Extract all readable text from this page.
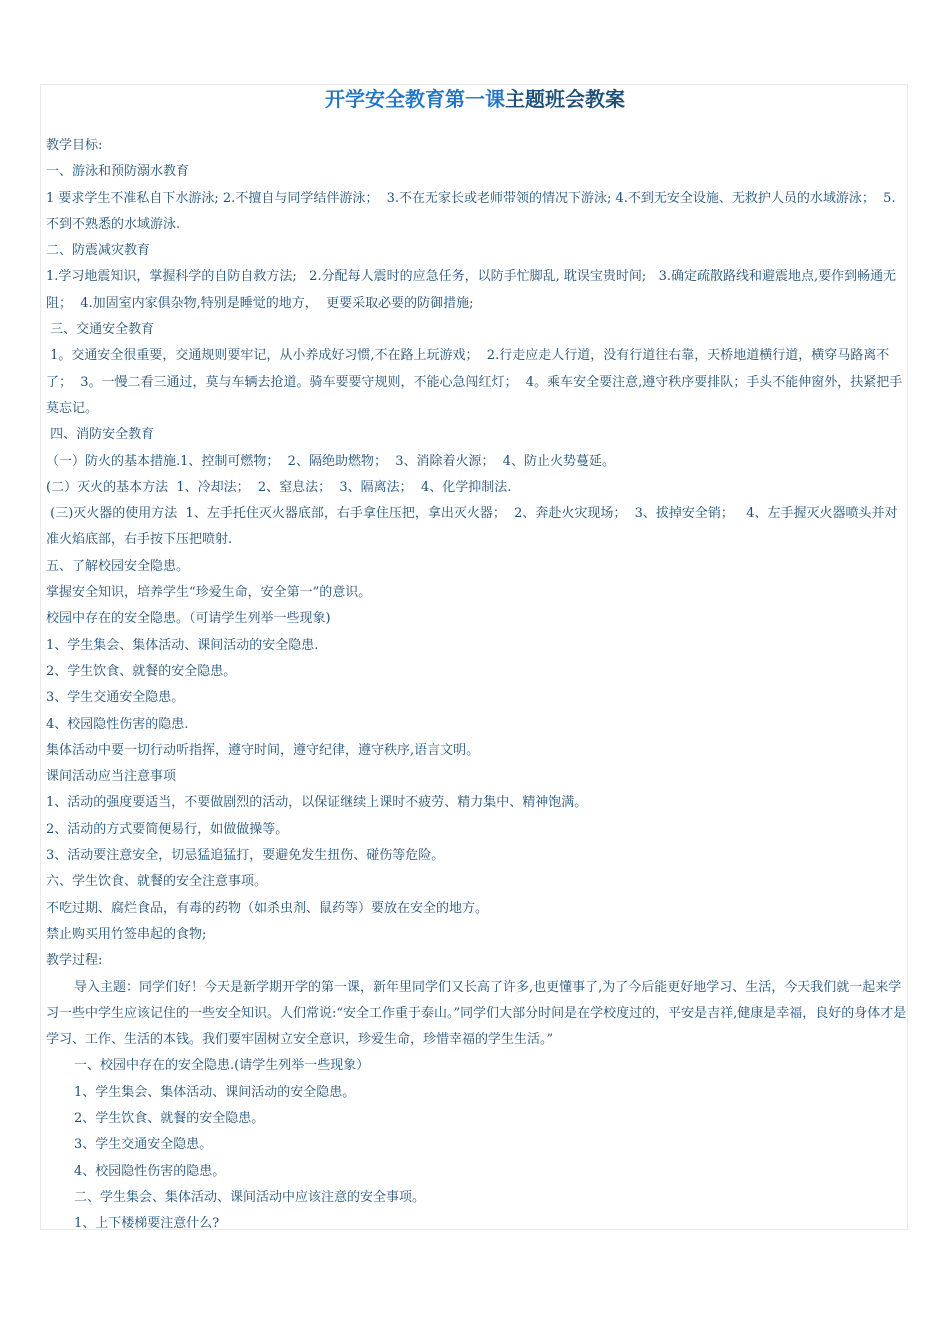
开学安全教育第一课主题班会教案

教学目标:

一、游泳和预防溺水教育

1 要求学生不准私自下水游泳; 2.不擅自与同学结伴游泳；  3.不在无家长或老师带领的情况下游泳; 4.不到无安全设施、无救护人员的水域游泳；  5.不到不熟悉的水域游泳.

二、防震减灾教育

1.学习地震知识，掌握科学的自防自救方法;   2.分配每人震时的应急任务，以防手忙脚乱, 耽误宝贵时间;   3.确定疏散路线和避震地点,要作到畅通无阻；  4.加固室内家俱杂物,特别是睡觉的地方，  更要采取必要的防御措施;

三、交通安全教育

1。交通安全很重要，交通规则要牢记，从小养成好习惯,不在路上玩游戏；  2.行走应走人行道，没有行道往右靠，天桥地道横行道，横穿马路离不了；  3。一慢二看三通过，莫与车辆去抢道。骑车要要守规则，不能心急闯红灯；  4。乘车安全要注意,遵守秩序要排队；手头不能伸窗外，扶紧把手莫忘记。

四、消防安全教育

（一）防火的基本措施.1、控制可燃物；  2、隔绝助燃物；  3、消除着火源；  4、防止火势蔓延。

(二）灭火的基本方法  1、冷却法；  2、窒息法；  3、隔离法；  4、化学抑制法.

(三)灭火器的使用方法  1、左手托住灭火器底部，右手拿住压把，拿出灭火器；  2、奔赴火灾现场；  3、拔掉安全销；   4、左手握灭火器喷头并对准火焰底部，右手按下压把喷射.

五、了解校园安全隐患。

掌握安全知识，培养学生“珍爱生命，安全第一”的意识。

校园中存在的安全隐患。（可请学生列举一些现象)

1、学生集会、集体活动、课间活动的安全隐患.

2、学生饮食、就餐的安全隐患。

3、学生交通安全隐患。

4、校园隐性伤害的隐患.

集体活动中要一切行动听指挥，遵守时间，遵守纪律，遵守秩序,语言文明。

课间活动应当注意事项

1、活动的强度要适当，不要做剧烈的活动，以保证继续上课时不疲劳、精力集中、精神饱满。

2、活动的方式要简便易行，如做做操等。

3、活动要注意安全，切忌猛追猛打，要避免发生扭伤、碰伤等危险。

六、学生饮食、就餐的安全注意事项。

不吃过期、腐烂食品，有毒的药物（如杀虫剂、鼠药等）要放在安全的地方。

禁止购买用竹签串起的食物;

教学过程:

导入主题：同学们好！今天是新学期开学的第一课，新年里同学们又长高了许多,也更懂事了,为了今后能更好地学习、生活，今天我们就一起来学习一些中学生应该记住的一些安全知识。人们常说:“安全工作重于泰山。”同学们大部分时间是在学校度过的，平安是吉祥,健康是幸福，良好的身体才是学习、工作、生活的本钱。我们要牢固树立安全意识，珍爱生命，珍惜幸福的学生生活。”

一、校园中存在的安全隐患.(请学生列举一些现象）

1、学生集会、集体活动、课间活动的安全隐患。

2、学生饮食、就餐的安全隐患。

3、学生交通安全隐患。

4、校园隐性伤害的隐患。

二、学生集会、集体活动、课间活动中应该注意的安全事项。

1、上下楼梯要注意什么?
